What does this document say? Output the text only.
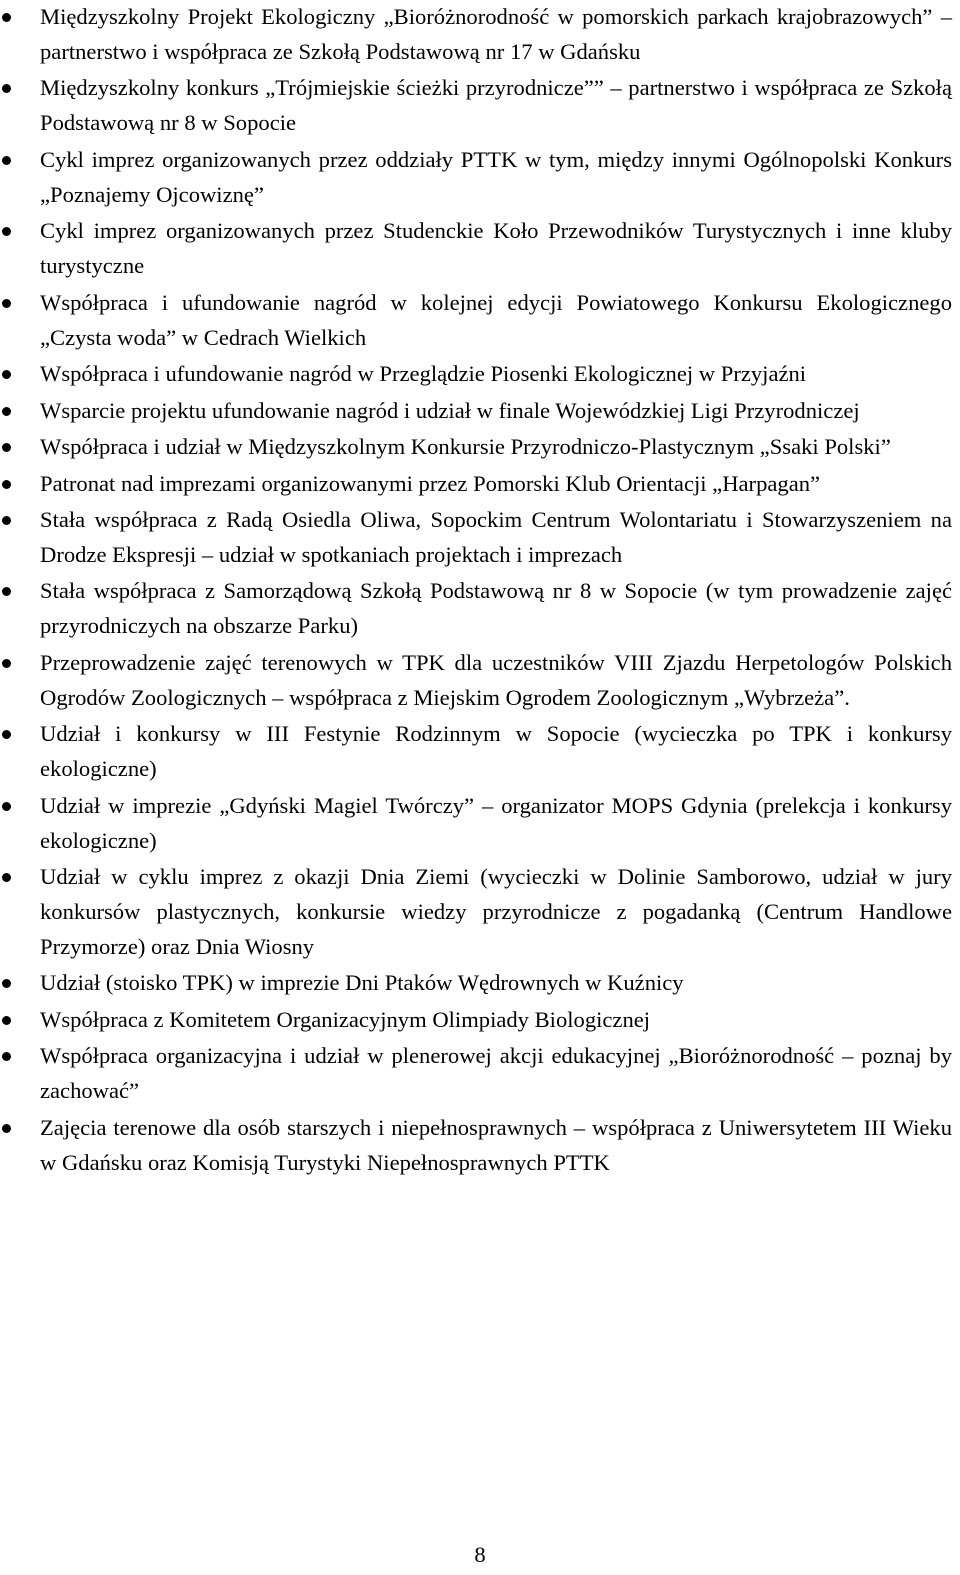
Międzyszkolny Projekt Ekologiczny „Bioróżnorodność w pomorskich parkach krajobrazowych” – partnerstwo i współpraca ze Szkołą Podstawową nr 17 w Gdańsku
Międzyszkolny konkurs „Trójmiejskie ścieżki przyrodnicze”” – partnerstwo i współpraca ze Szkołą Podstawową nr 8 w Sopocie
Cykl imprez organizowanych przez oddziały PTTK w tym, między innymi Ogólnopolski Konkurs „Poznajemy Ojcowiznę”
Cykl imprez organizowanych przez Studenckie Koło Przewodników Turystycznych i inne kluby turystyczne
Współpraca i ufundowanie nagród w kolejnej edycji Powiatowego Konkursu Ekologicznego „Czysta woda” w Cedrach Wielkich
Współpraca i ufundowanie nagród w Przeglądzie Piosenki Ekologicznej w Przyjaźni
Wsparcie projektu ufundowanie nagród i udział w finale Wojewódzkiej Ligi Przyrodniczej
Współpraca i udział w Międzyszkolnym Konkursie Przyrodniczo-Plastycznym „Ssaki Polski”
Patronat nad imprezami organizowanymi przez Pomorski Klub Orientacji „Harpagan”
Stała współpraca z Radą Osiedla Oliwa, Sopockim Centrum Wolontariatu i Stowarzyszeniem na Drodze Ekspresji – udział w spotkaniach projektach i imprezach
Stała współpraca z Samorządową Szkołą Podstawową nr 8 w Sopocie (w tym prowadzenie zajęć przyrodniczych na obszarze Parku)
Przeprowadzenie zajęć terenowych w TPK dla uczestników VIII Zjazdu Herpetologów Polskich Ogrodów Zoologicznych – współpraca z Miejskim Ogrodem Zoologicznym „Wybrzeża”.
Udział i konkursy w III Festynie Rodzinnym w Sopocie (wycieczka po TPK i konkursy ekologiczne)
Udział w imprezie „Gdyński Magiel Twórczy” – organizator MOPS Gdynia (prelekcja i konkursy ekologiczne)
Udział w cyklu imprez z okazji Dnia Ziemi (wycieczki w Dolinie Samborowo, udział w jury konkursów plastycznych, konkursie wiedzy przyrodnicze z pogadanką (Centrum Handlowe Przymorze) oraz Dnia Wiosny
Udział (stoisko TPK) w imprezie Dni Ptaków Wędrownych w Kuźnicy
Współpraca z Komitetem Organizacyjnym Olimpiady Biologicznej
Współpraca organizacyjna i udział w plenerowej akcji edukacyjnej „Bioróżnorodność – poznaj by zachować”
Zajęcia terenowe dla osób starszych i niepełnosprawnych – współpraca z Uniwersytetem III Wieku w Gdańsku oraz Komisją Turystyki Niepełnosprawnych PTTK
8
